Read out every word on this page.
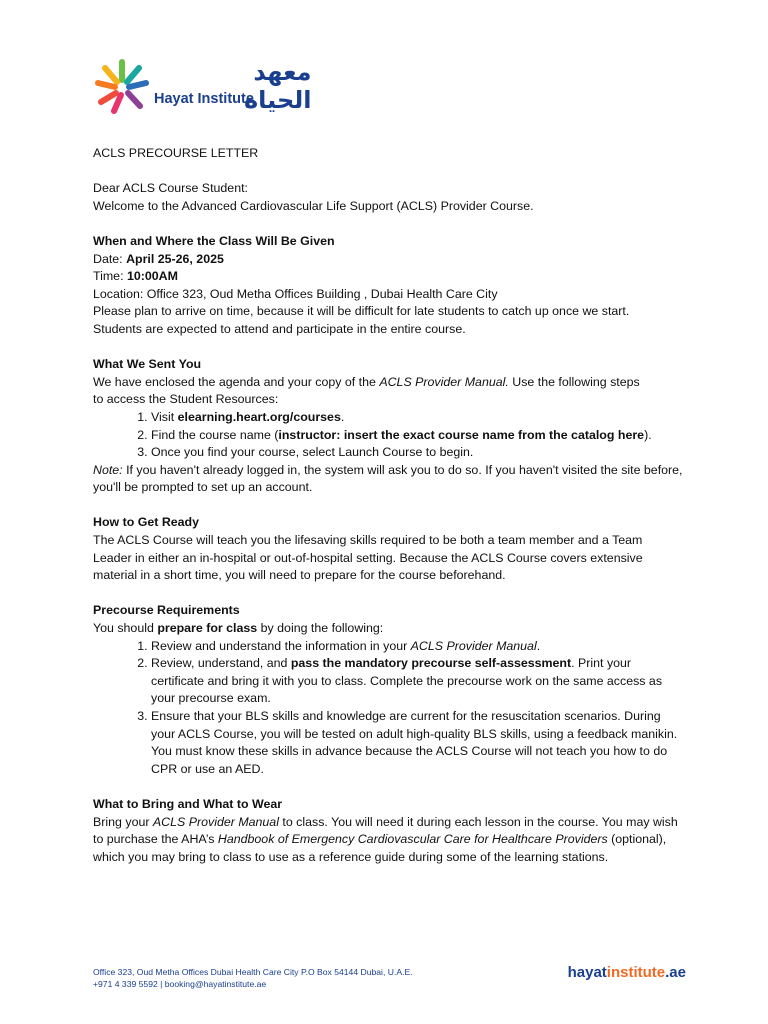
معهد الحياة
Hayat Institute

ACLS PRECOURSE LETTER

Dear ACLS Course Student:

Welcome to the Advanced Cardiovascular Life Support (ACLS) Provider Course.

When and Where the Class Will Be Given

Date: April 25-26, 2025

Time: 10:00AM

Location: Office 323, Oud Metha Offices Building , Dubai Health Care City

Please plan to arrive on time, because it will be difficult for late students to catch up once we start.

Students are expected to attend and participate in the entire course.

What We Sent You

We have enclosed the agenda and your copy of the ACLS Provider Manual. Use the following steps

to access the Student Resources:

1. Visit elearning.heart.org/courses.
2. Find the course name (instructor: insert the exact course name from the catalog here).
3. Once you find your course, select Launch Course to begin.

Note: If you haven't already logged in, the system will ask you to do so. If you haven't visited the site before, you'll be prompted to set up an account.

How to Get Ready

The ACLS Course will teach you the lifesaving skills required to be both a team member and a Team Leader in either an in-hospital or out-of-hospital setting. Because the ACLS Course covers extensive material in a short time, you will need to prepare for the course beforehand.

Precourse Requirements

You should prepare for class by doing the following:

1. Review and understand the information in your ACLS Provider Manual.
2. Review, understand, and pass the mandatory precourse self-assessment. Print your certificate and bring it with you to class. Complete the precourse work on the same access as your precourse exam.
3. Ensure that your BLS skills and knowledge are current for the resuscitation scenarios. During your ACLS Course, you will be tested on adult high-quality BLS skills, using a feedback manikin. You must know these skills in advance because the ACLS Course will not teach you how to do CPR or use an AED.

What to Bring and What to Wear

Bring your ACLS Provider Manual to class. You will need it during each lesson in the course. You may wish to purchase the AHA’s Handbook of Emergency Cardiovascular Care for Healthcare Providers (optional), which you may bring to class to use as a reference guide during some of the learning stations.

Office 323, Oud Metha Offices Dubai Health Care City P.O Box 54144 Dubai, U.A.E.
+971 4 339 5592 | booking@hayatinstitute.ae
hayatinstitute.ae
